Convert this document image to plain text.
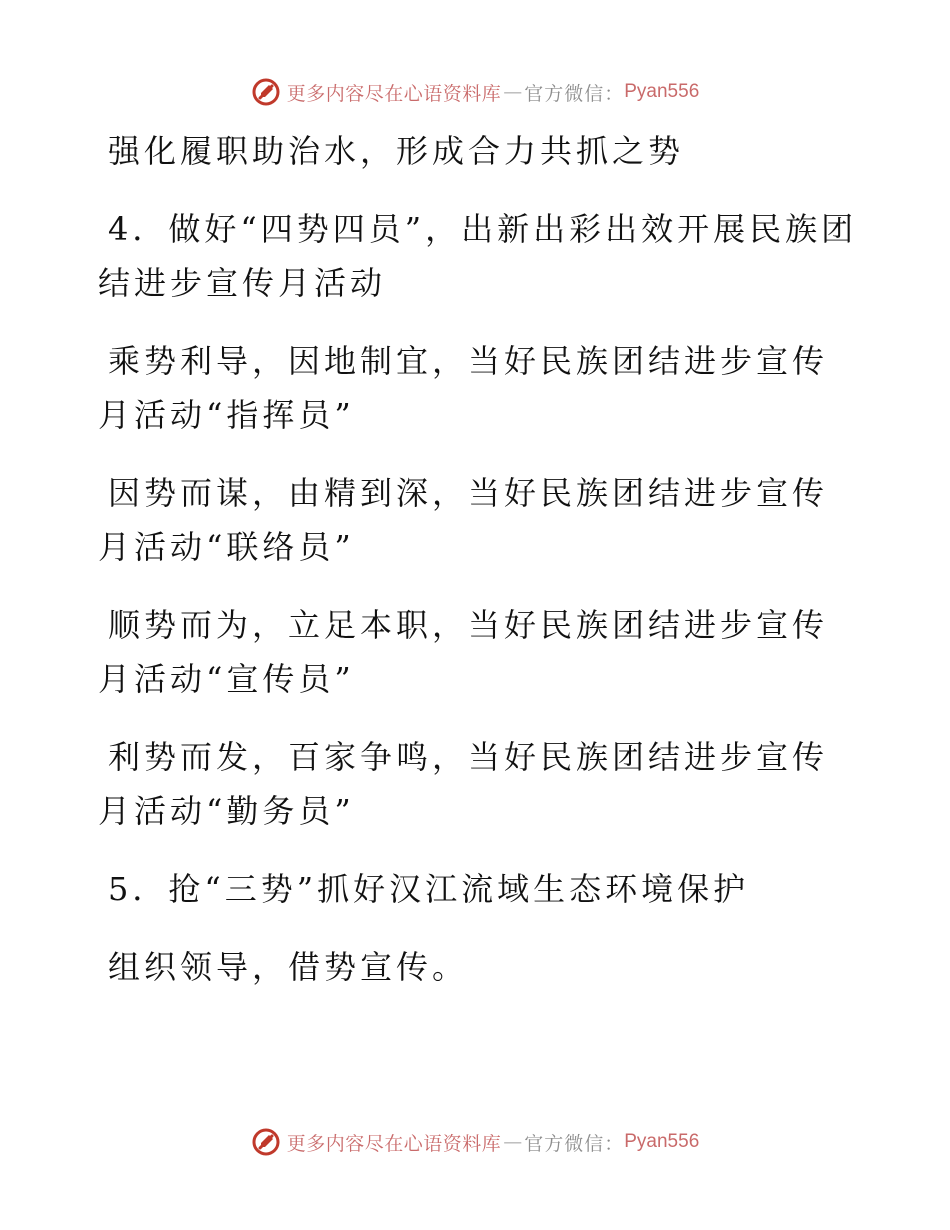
更多内容尽在心语资料库 — 官方微信： Pyan556

强化履职助治水，形成合力共抓之势

4．做好“四势四员”，出新出彩出效开展民族团结进步宣传月活动

乘势利导，因地制宜，当好民族团结进步宣传月活动“指挥员”

因势而谋，由精到深，当好民族团结进步宣传月活动“联络员”

顺势而为，立足本职，当好民族团结进步宣传月活动“宣传员”

利势而发，百家争鸣，当好民族团结进步宣传月活动“勤务员”

5．抢“三势”抓好汉江流域生态环境保护

组织领导，借势宣传。

更多内容尽在心语资料库 — 官方微信： Pyan556
